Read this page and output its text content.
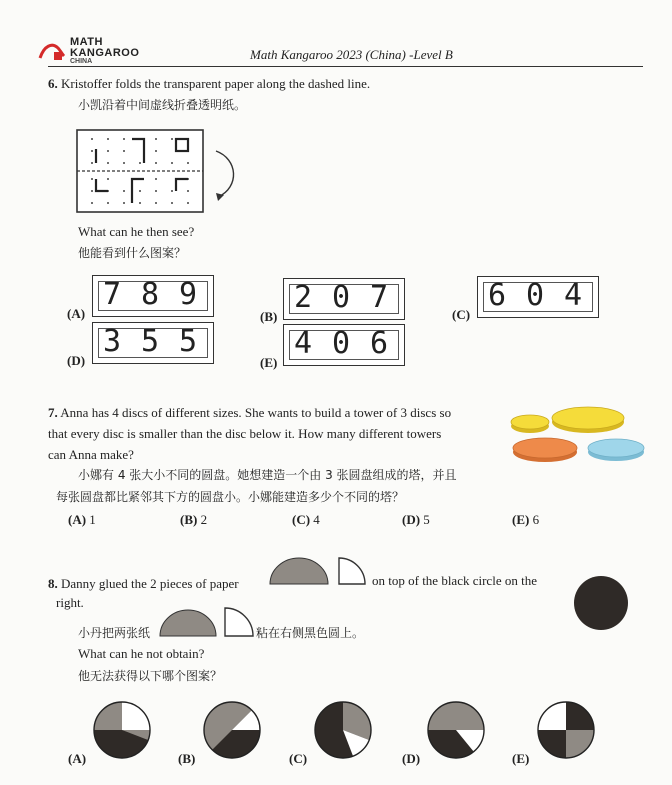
MATH
KANGAROO
CHINA	Math Kangaroo 2023 (China) -Level B
6. Kristoffer folds the transparent paper along the dashed line.
小凯沿着中间虚线折叠透明纸。
What can he then see?
他能看到什么图案？
(A)
7 8 9
(B)
2 0 7	(C)
6 0 4
(D)
3 5 5
(E)
4 0 6
7. Anna has 4 discs of different sizes. She wants to build a tower of 3 discs so
that every disc is smaller than the disc below it. How many different towers
can Anna make?
小娜有 4 张大小不同的圆盘。她想建造一个由 3 张圆盘组成的塔，并且
每张圆盘都比紧邻其下方的圆盘小。小娜能建造多少个不同的塔？
(A) 1	(B) 2	(C) 4	(D) 5	(E) 6
8. Danny glued the 2 pieces of paper	on top of the black circle on the
right.
小丹把两张纸	粘在右侧黑色圆上。
What can he not obtain?
他无法获得以下哪个图案？
(A)	(B)	(C)	(D)	(E)
